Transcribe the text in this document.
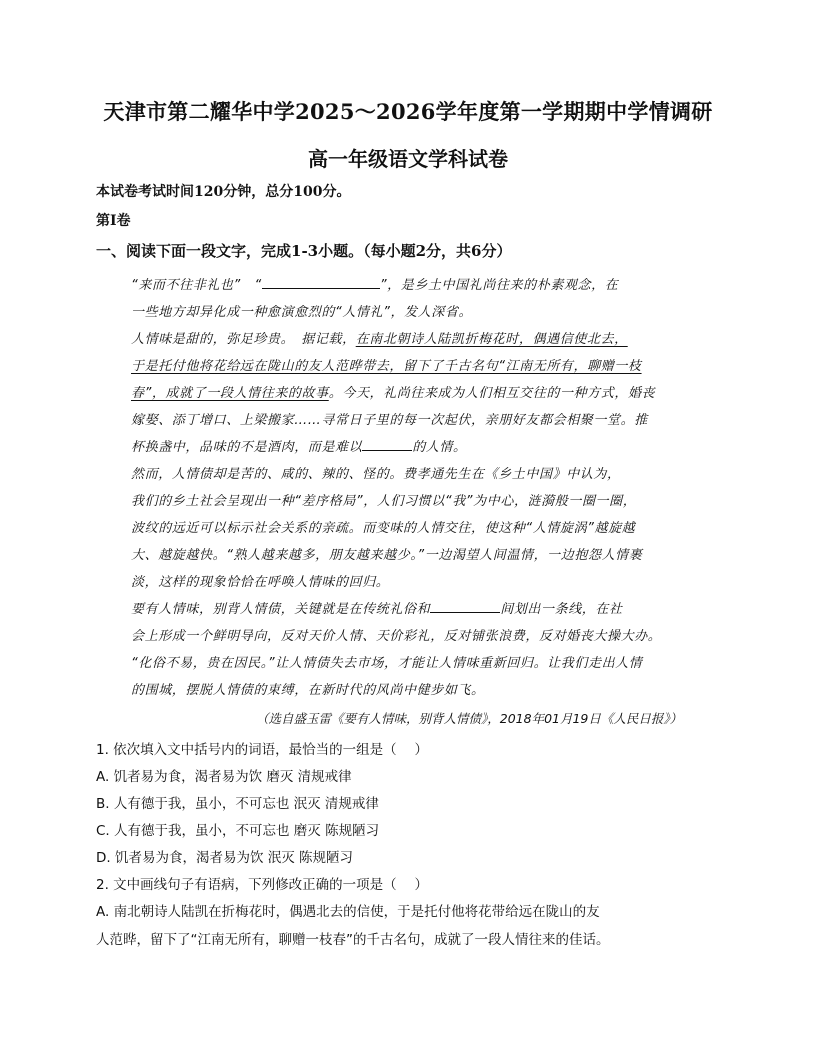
天津市第二耀华中学2025～2026学年度第一学期期中学情调研
高一年级语文学科试卷
本试卷考试时间120分钟，总分100分。
第Ⅰ卷
一、阅读下面一段文字，完成1-3小题。（每小题2分，共6分）
“来而不往非礼也”　“	”，是乡土中国礼尚往来的朴素观念，在
一些地方却异化成一种愈演愈烈的“人情礼”，发人深省。
人情味是甜的，弥足珍贵。　据记载，在南北朝诗人陆凯折梅花时，偶遇信使北去，
于是托付他将花给远在陇山的友人范晔带去，留下了千古名句“江南无所有，聊赠一枝
春”，成就了一段人情往来的故事。今天，礼尚往来成为人们相互交往的一种方式，婚丧
嫁娶、添丁增口、上梁搬家……寻常日子里的每一次起伏，亲朋好友都会相聚一堂。推
杯换盏中，品味的不是酒肉，而是难以	的人情。
然而，人情债却是苦的、咸的、辣的、怪的。费孝通先生在《乡土中国》中认为，
我们的乡土社会呈现出一种“差序格局”，人们习惯以“我”为中心，涟漪般一圈一圈，
波纹的远近可以标示社会关系的亲疏。而变味的人情交往，使这种“人情旋涡”越旋越
大、越旋越快。“熟人越来越多，朋友越来越少。”一边渴望人间温情，一边抱怨人情裹
淡，这样的现象恰恰在呼唤人情味的回归。
要有人情味，别背人情债，关键就是在传统礼俗和	间划出一条线，在社
会上形成一个鲜明导向，反对天价人情、天价彩礼，反对铺张浪费，反对婚丧大操大办。
“化俗不易，贵在因民。”让人情债失去市场，才能让人情味重新回归。让我们走出人情
的围城，摆脱人情债的束缚，在新时代的风尚中健步如飞。
（选自盛玉雷《要有人情味，别背人情债》，2018年01月19日《人民日报》）
1. 依次填入文中括号内的词语，最恰当的一组是（　 ）
A. 饥者易为食，渴者易为饮 磨灭 清规戒律
B. 人有德于我，虽小，不可忘也 泯灭 清规戒律
C. 人有德于我，虽小，不可忘也 磨灭 陈规陋习
D. 饥者易为食，渴者易为饮 泯灭 陈规陋习
2. 文中画线句子有语病，下列修改正确的一项是（　 ）
A. 南北朝诗人陆凯在折梅花时，偶遇北去的信使，于是托付他将花带给远在陇山的友
人范晔，留下了“江南无所有，聊赠一枝春”的千古名句，成就了一段人情往来的佳话。
